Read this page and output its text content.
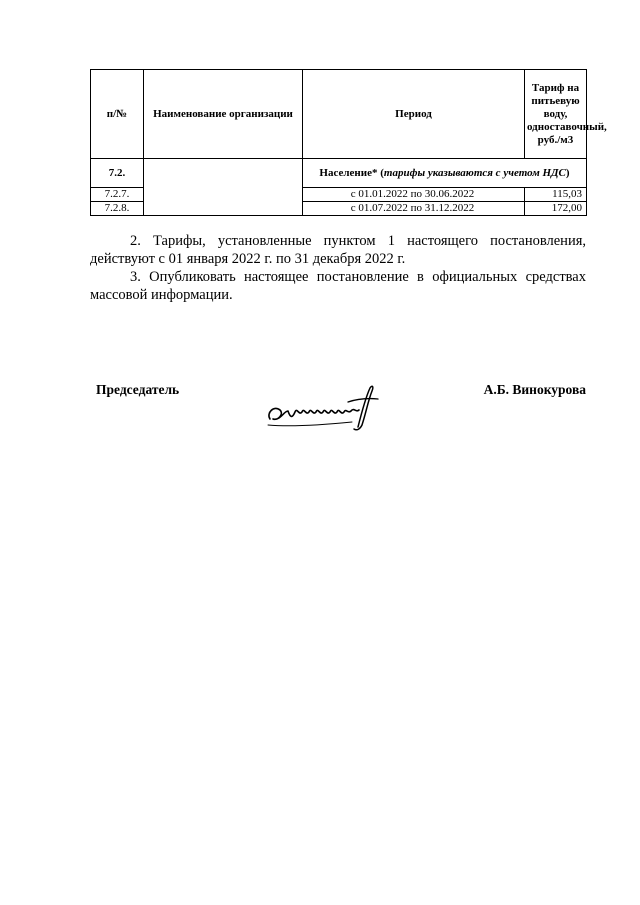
п/№	Наименование организации	Период	Тариф на питьевую воду, одноставочный, руб./м3
7.2.		Население* (тарифы указываются с учетом НДС)	
7.2.7.		с 01.01.2022 по 30.06.2022	115,03
7.2.8.		с 01.07.2022 по 31.12.2022	172,00

2. Тарифы, установленные пунктом 1 настоящего постановления, действуют с 01 января 2022 г. по 31 декабря 2022 г.

3. Опубликовать настоящее постановление в официальных средствах массовой информации.

Председатель	А.Б. Винокурова
